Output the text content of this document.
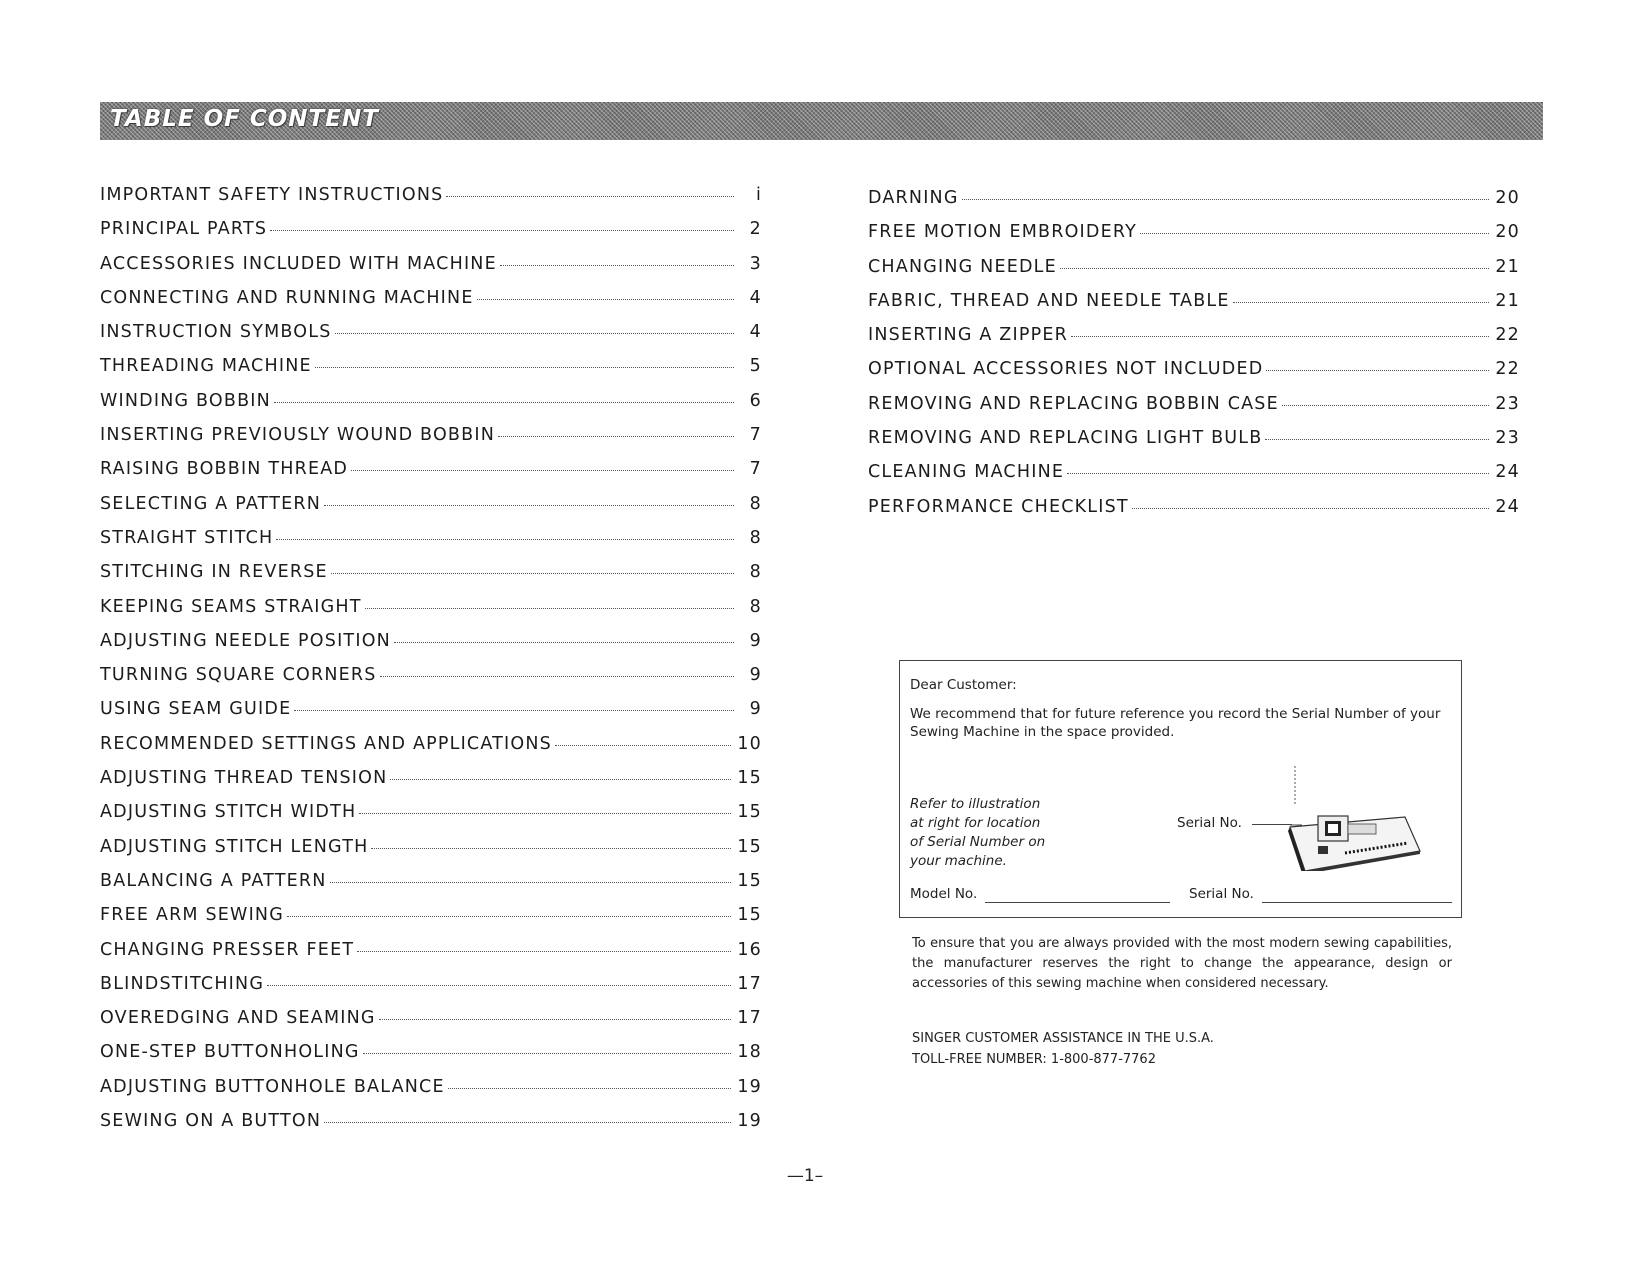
TABLE OF CONTENT
IMPORTANT SAFETY INSTRUCTIONS	i
PRINCIPAL PARTS	2
ACCESSORIES INCLUDED WITH MACHINE	3
CONNECTING AND RUNNING MACHINE	4
INSTRUCTION SYMBOLS	4
THREADING MACHINE	5
WINDING BOBBIN	6
INSERTING PREVIOUSLY WOUND BOBBIN	7
RAISING BOBBIN THREAD	7
SELECTING A PATTERN	8
STRAIGHT STITCH	8
STITCHING IN REVERSE	8
KEEPING SEAMS STRAIGHT	8
ADJUSTING NEEDLE POSITION	9
TURNING SQUARE CORNERS	9
USING SEAM GUIDE	9
RECOMMENDED SETTINGS AND APPLICATIONS	10
ADJUSTING THREAD TENSION	15
ADJUSTING STITCH WIDTH	15
ADJUSTING STITCH LENGTH	15
BALANCING A PATTERN	15
FREE ARM SEWING	15
CHANGING PRESSER FEET	16
BLINDSTITCHING	17
OVEREDGING AND SEAMING	17
ONE-STEP BUTTONHOLING	18
ADJUSTING BUTTONHOLE BALANCE	19
SEWING ON A BUTTON	19
DARNING	20
FREE MOTION EMBROIDERY	20
CHANGING NEEDLE	21
FABRIC, THREAD AND NEEDLE TABLE	21
INSERTING A ZIPPER	22
OPTIONAL ACCESSORIES NOT INCLUDED	22
REMOVING AND REPLACING BOBBIN CASE	23
REMOVING AND REPLACING LIGHT BULB	23
CLEANING MACHINE	24
PERFORMANCE CHECKLIST	24
Dear Customer:
We recommend that for future reference you record the Serial Number of your Sewing Machine in the space provided.
Refer to illustration
at right for location
of Serial Number on
your machine.
Serial No.
Model No.	Serial No.
To ensure that you are always provided with the most modern sewing capabilities, the manufacturer reserves the right to change the appearance, design or accessories of this sewing machine when considered necessary.
SINGER CUSTOMER ASSISTANCE IN THE U.S.A.
TOLL-FREE NUMBER: 1-800-877-7762
—1–
